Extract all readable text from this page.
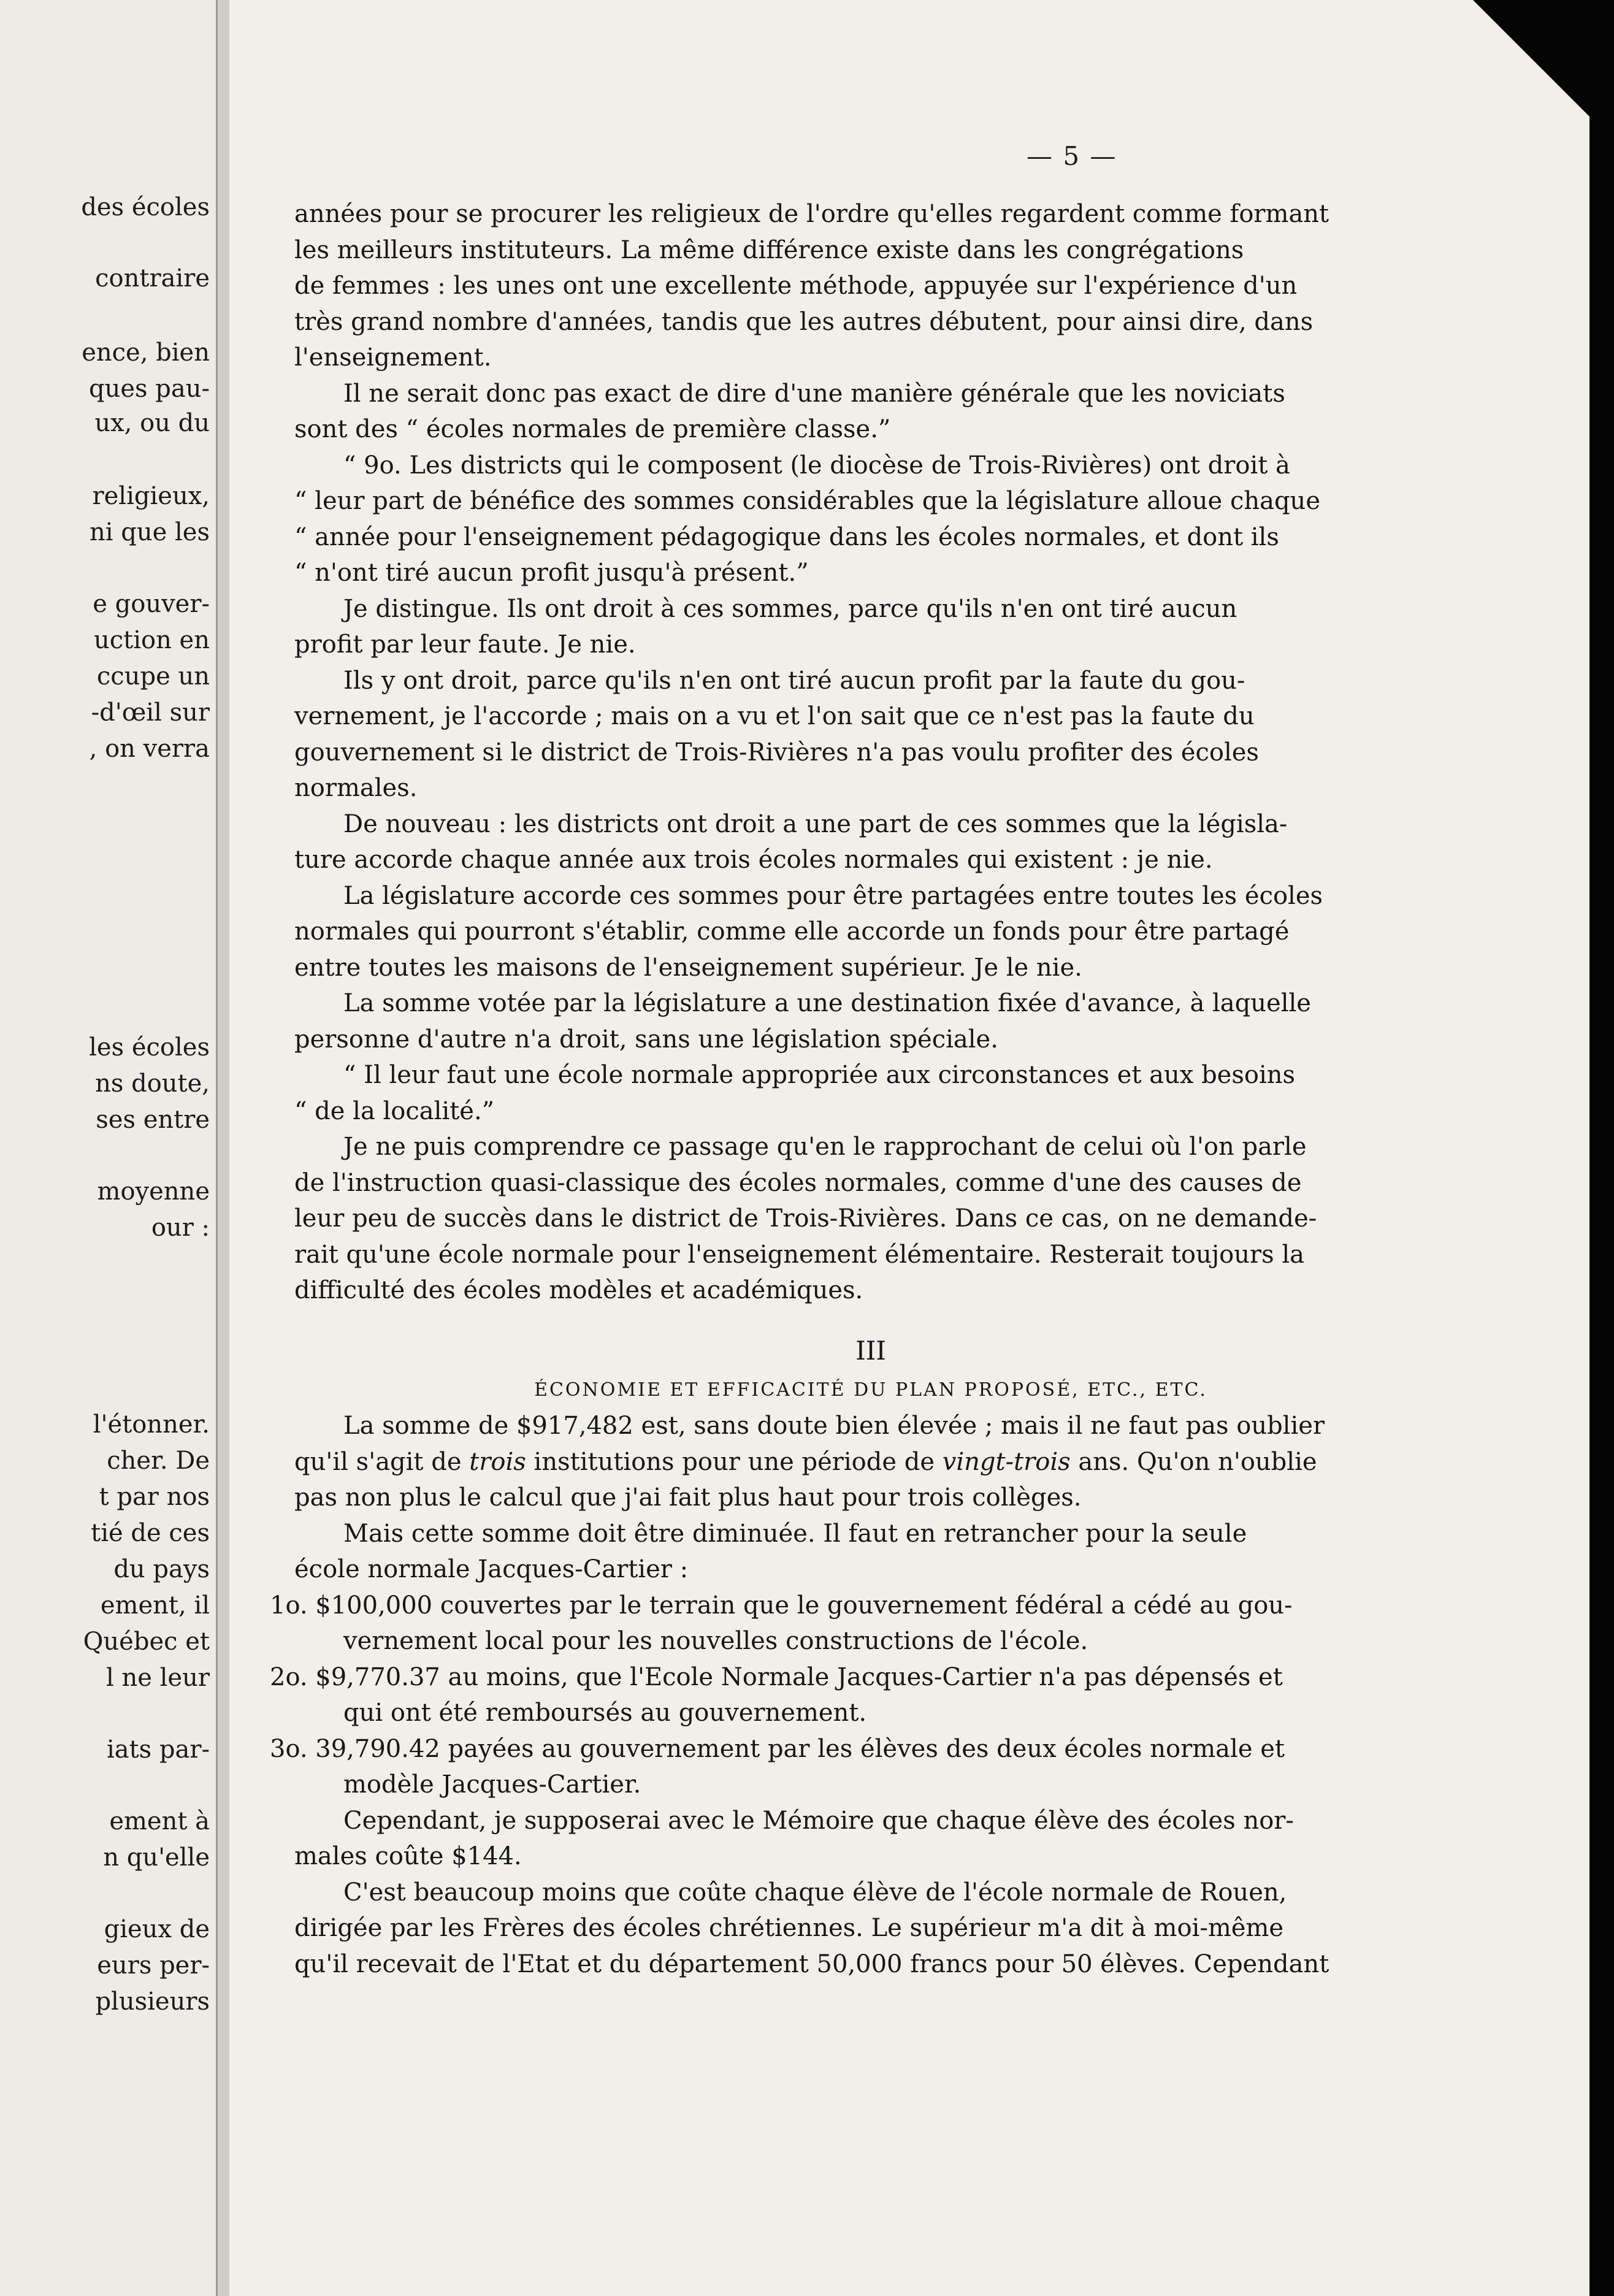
des écoles
contraire
ence, bien
ques pau-
ux, ou du
religieux,
ni que les
e gouver-
uction en
ccupe un
-d'œil sur
, on verra
les écoles
ns doute,
ses entre
moyenne
our :
l'étonner.
cher. De
t par nos
tié de ces
du pays
ement, il
Québec et
l ne leur
iats par-
ement à
n qu'elle
gieux de
eurs per-
plusieurs
— 5 —
années pour se procurer les religieux de l'ordre qu'elles regardent comme formant
les meilleurs instituteurs. La même différence existe dans les congrégations
de femmes : les unes ont une excellente méthode, appuyée sur l'expérience d'un
très grand nombre d'années, tandis que les autres débutent, pour ainsi dire, dans
l'enseignement.
Il ne serait donc pas exact de dire d'une manière générale que les noviciats
sont des “ écoles normales de première classe.”
“ 9o. Les districts qui le composent (le diocèse de Trois-Rivières) ont droit à
“ leur part de bénéfice des sommes considérables que la législature alloue chaque
“ année pour l'enseignement pédagogique dans les écoles normales, et dont ils
“ n'ont tiré aucun profit jusqu'à présent.”
Je distingue. Ils ont droit à ces sommes, parce qu'ils n'en ont tiré aucun
profit par leur faute. Je nie.
Ils y ont droit, parce qu'ils n'en ont tiré aucun profit par la faute du gou-
vernement, je l'accorde ; mais on a vu et l'on sait que ce n'est pas la faute du
gouvernement si le district de Trois-Rivières n'a pas voulu profiter des écoles
normales.
De nouveau : les districts ont droit a une part de ces sommes que la législa-
ture accorde chaque année aux trois écoles normales qui existent : je nie.
La législature accorde ces sommes pour être partagées entre toutes les écoles
normales qui pourront s'établir, comme elle accorde un fonds pour être partagé
entre toutes les maisons de l'enseignement supérieur. Je le nie.
La somme votée par la législature a une destination fixée d'avance, à laquelle
personne d'autre n'a droit, sans une législation spéciale.
“ Il leur faut une école normale appropriée aux circonstances et aux besoins
“ de la localité.”
Je ne puis comprendre ce passage qu'en le rapprochant de celui où l'on parle
de l'instruction quasi-classique des écoles normales, comme d'une des causes de
leur peu de succès dans le district de Trois-Rivières. Dans ce cas, on ne demande-
rait qu'une école normale pour l'enseignement élémentaire. Resterait toujours la
difficulté des écoles modèles et académiques.
III
ÉCONOMIE ET EFFICACITÉ DU PLAN PROPOSÉ, ETC., ETC.
La somme de $917,482 est, sans doute bien élevée ; mais il ne faut pas oublier
qu'il s'agit de trois institutions pour une période de vingt-trois ans. Qu'on n'oublie
pas non plus le calcul que j'ai fait plus haut pour trois collèges.
Mais cette somme doit être diminuée. Il faut en retrancher pour la seule
école normale Jacques-Cartier :
1o. $100,000 couvertes par le terrain que le gouvernement fédéral a cédé au gou-
vernement local pour les nouvelles constructions de l'école.
2o. $9,770.37 au moins, que l'Ecole Normale Jacques-Cartier n'a pas dépensés et
qui ont été remboursés au gouvernement.
3o. 39,790.42 payées au gouvernement par les élèves des deux écoles normale et
modèle Jacques-Cartier.
Cependant, je supposerai avec le Mémoire que chaque élève des écoles nor-
males coûte $144.
C'est beaucoup moins que coûte chaque élève de l'école normale de Rouen,
dirigée par les Frères des écoles chrétiennes. Le supérieur m'a dit à moi-même
qu'il recevait de l'Etat et du département 50,000 francs pour 50 élèves. Cependant
